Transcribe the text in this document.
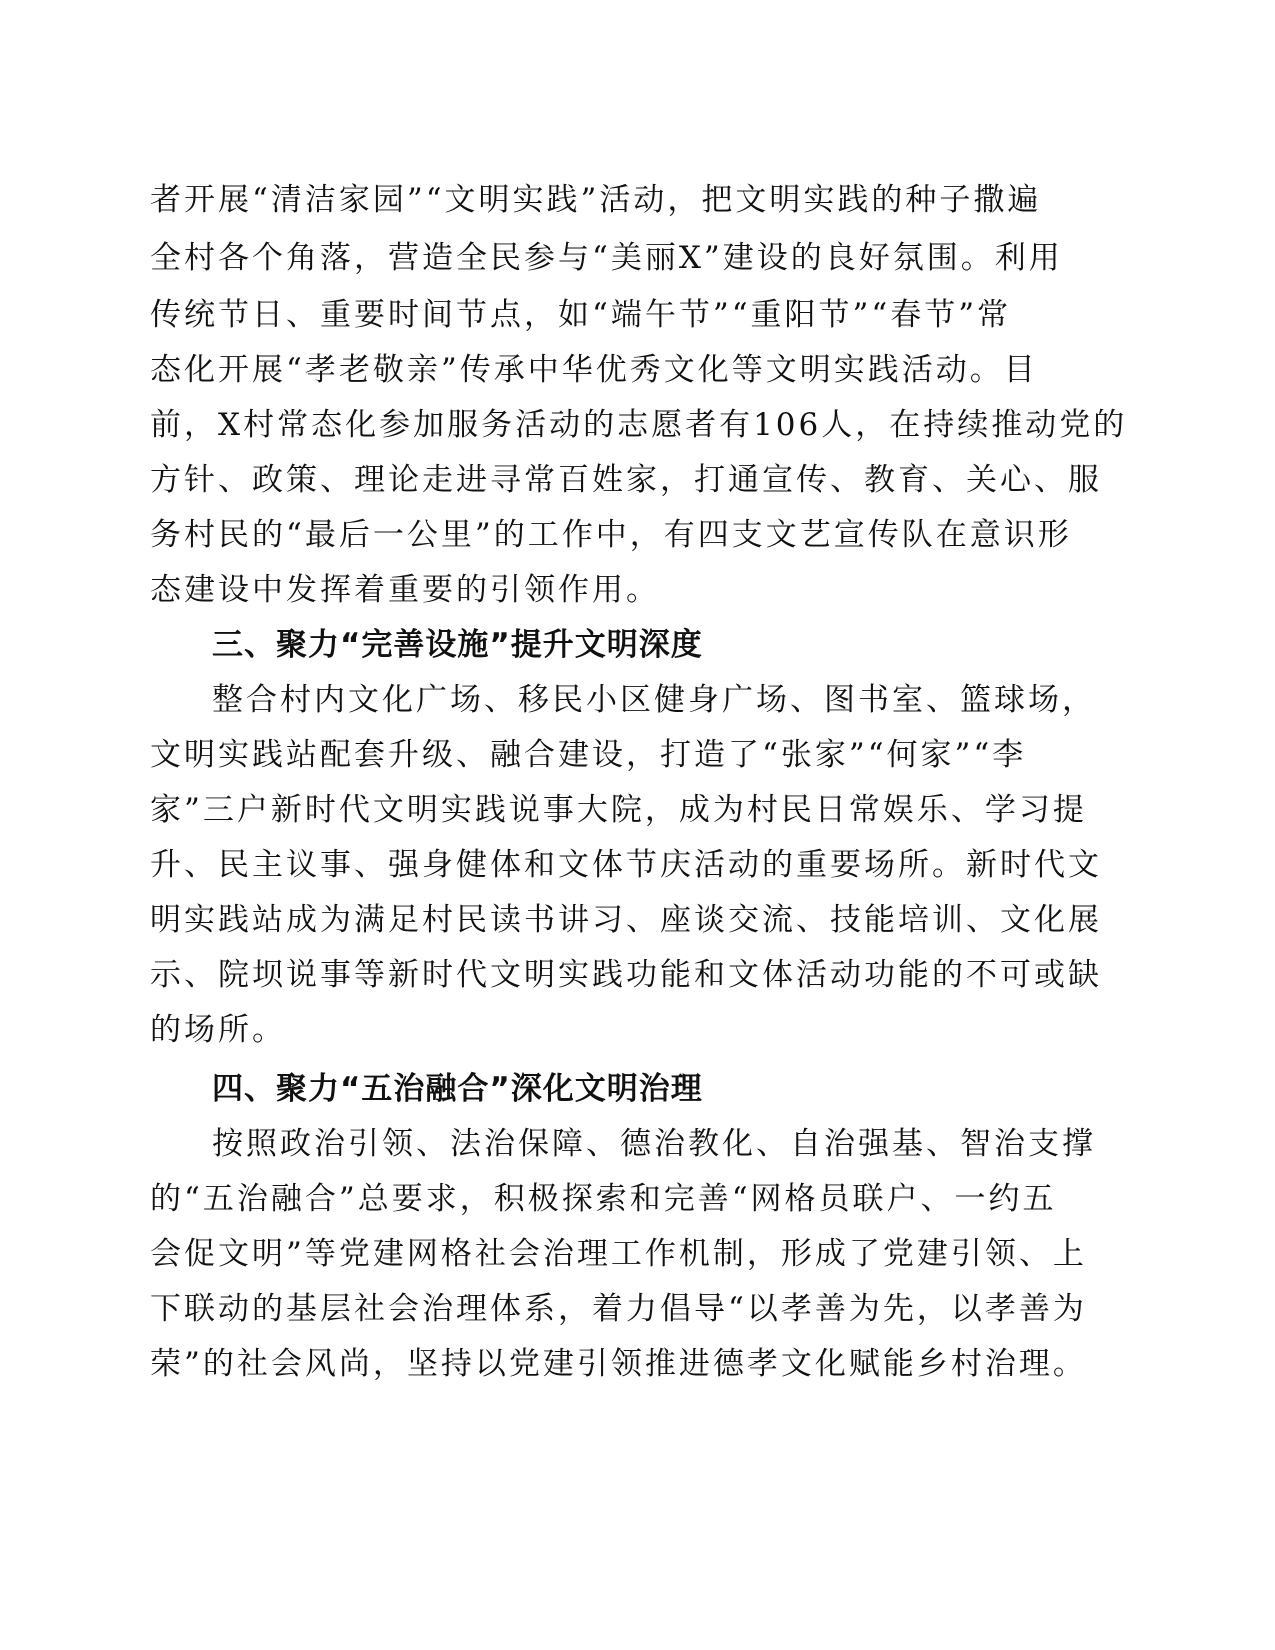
者开展“清洁家园”“文明实践”活动，把文明实践的种子撒遍
全村各个角落，营造全民参与“美丽X”建设的良好氛围。利用
传统节日、重要时间节点，如“端午节”“重阳节”“春节”常
态化开展“孝老敬亲”传承中华优秀文化等文明实践活动。目
前，X村常态化参加服务活动的志愿者有106人，在持续推动党的
方针、政策、理论走进寻常百姓家，打通宣传、教育、关心、服
务村民的“最后一公里”的工作中，有四支文艺宣传队在意识形
态建设中发挥着重要的引领作用。
三、聚力“完善设施”提升文明深度
整合村内文化广场、移民小区健身广场、图书室、篮球场，
文明实践站配套升级、融合建设，打造了“张家”“何家”“李
家”三户新时代文明实践说事大院，成为村民日常娱乐、学习提
升、民主议事、强身健体和文体节庆活动的重要场所。新时代文
明实践站成为满足村民读书讲习、座谈交流、技能培训、文化展
示、院坝说事等新时代文明实践功能和文体活动功能的不可或缺
的场所。
四、聚力“五治融合”深化文明治理
按照政治引领、法治保障、德治教化、自治强基、智治支撑
的“五治融合”总要求，积极探索和完善“网格员联户、一约五
会促文明”等党建网格社会治理工作机制，形成了党建引领、上
下联动的基层社会治理体系，着力倡导“以孝善为先，以孝善为
荣”的社会风尚，坚持以党建引领推进德孝文化赋能乡村治理。
